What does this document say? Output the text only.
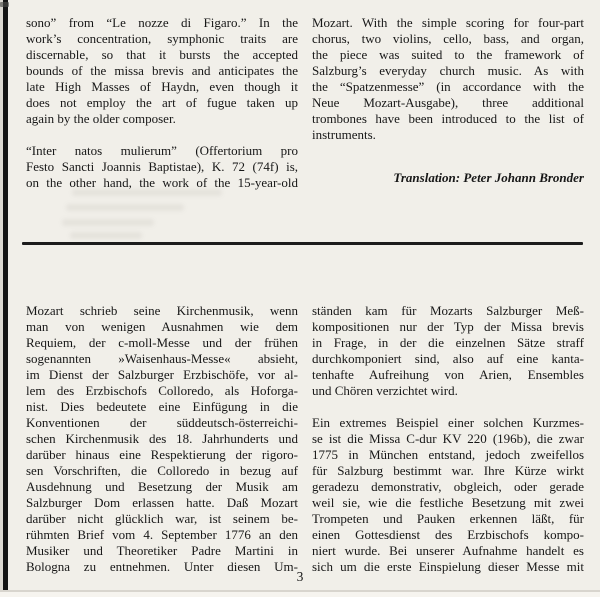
sono” from “Le nozze di Figaro.” In the
work’s concentration, symphonic traits are
discernable, so that it bursts the accepted
bounds of the missa brevis and anticipates the
late High Masses of Haydn, even though it
does not employ the art of fugue taken up
again by the older composer.
“Inter natos mulierum” (Offertorium pro
Festo Sancti Joannis Baptistae), K. 72 (74f) is,
on the other hand, the work of the 15-year-old
Mozart. With the simple scoring for four-part
chorus, two violins, cello, bass, and organ,
the piece was suited to the framework of
Salzburg’s everyday church music. As with
the “Spatzenmesse” (in accordance with the
Neue Mozart-Ausgabe), three additional
trombones have been introduced to the list of
instruments.
Translation: Peter Johann Bronder
Mozart schrieb seine Kirchenmusik, wenn
man von wenigen Ausnahmen wie dem
Requiem, der c-moll-Messe und der frühen
sogenannten »Waisenhaus-Messe« absieht,
im Dienst der Salzburger Erzbischöfe, vor al-
lem des Erzbischofs Colloredo, als Hoforga-
nist. Dies bedeutete eine Einfügung in die
Konventionen der süddeutsch-österreichi-
schen Kirchenmusik des 18. Jahrhunderts und
darüber hinaus eine Respektierung der rigoro-
sen Vorschriften, die Colloredo in bezug auf
Ausdehnung und Besetzung der Musik am
Salzburger Dom erlassen hatte. Daß Mozart
darüber nicht glücklich war, ist seinem be-
rühmten Brief vom 4. September 1776 an den
Musiker und Theoretiker Padre Martini in
Bologna zu entnehmen. Unter diesen Um-
ständen kam für Mozarts Salzburger Meß-
kompositionen nur der Typ der Missa brevis
in Frage, in der die einzelnen Sätze straff
durchkomponiert sind, also auf eine kanta-
tenhafte Aufreihung von Arien, Ensembles
und Chören verzichtet wird.
Ein extremes Beispiel einer solchen Kurzmes-
se ist die Missa C-dur KV 220 (196b), die zwar
1775 in München entstand, jedoch zweifellos
für Salzburg bestimmt war. Ihre Kürze wirkt
geradezu demonstrativ, obgleich, oder gerade
weil sie, wie die festliche Besetzung mit zwei
Trompeten und Pauken erkennen läßt, für
einen Gottesdienst des Erzbischofs kompo-
niert wurde. Bei unserer Aufnahme handelt es
sich um die erste Einspielung dieser Messe mit
3
